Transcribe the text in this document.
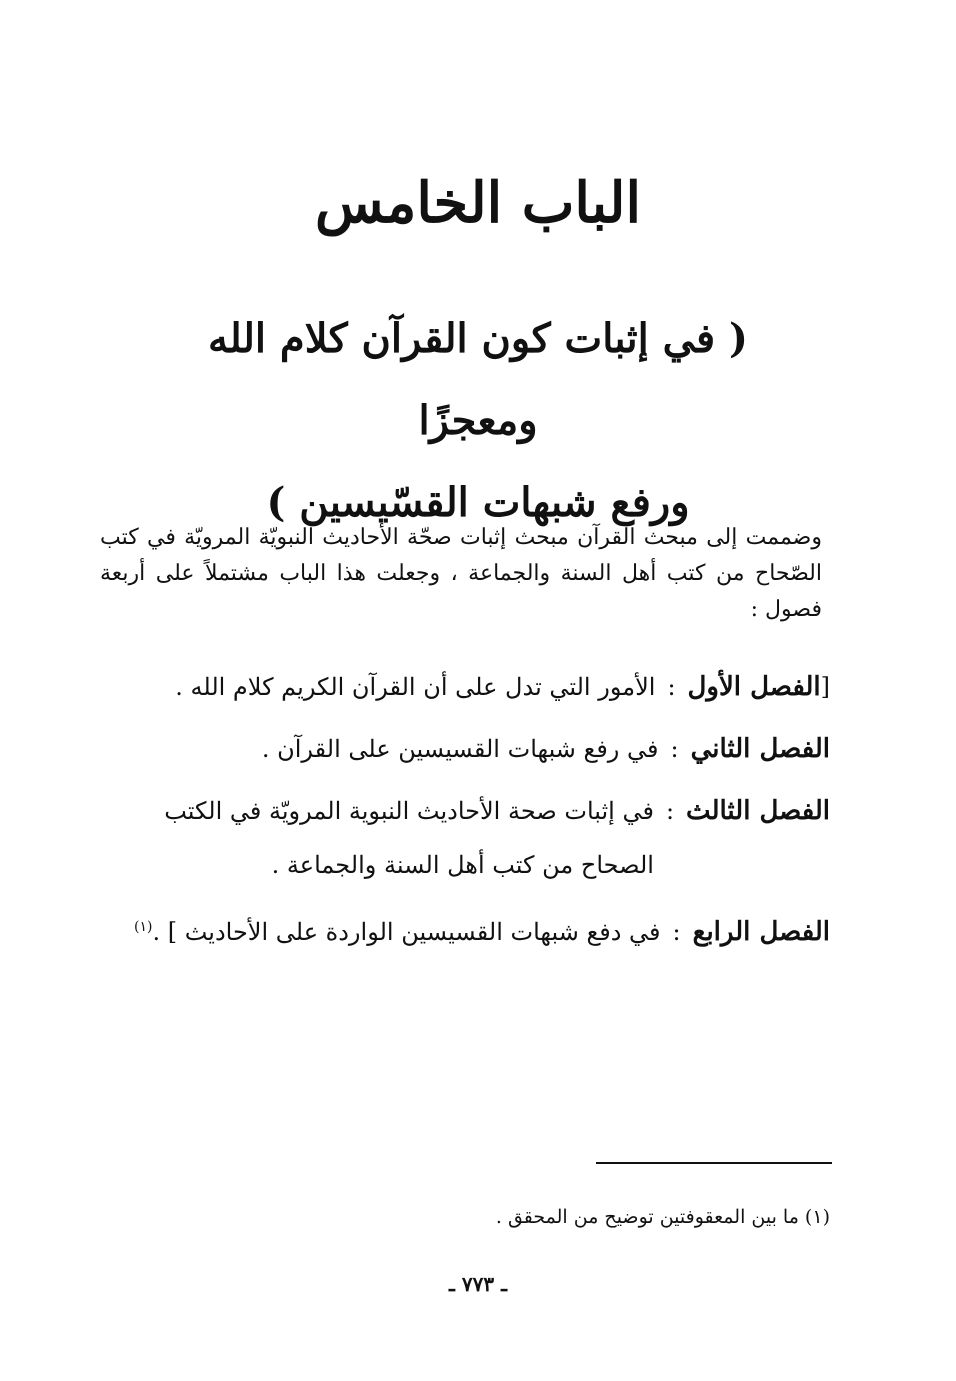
الباب الخامس
( في إثبات كون القرآن كلام الله ومعجزًا
ورفع شبهات القسّيسين )
وضممت إلى مبحث القرآن مبحث إثبات صحّة الأحاديث النبويّة المرويّة في كتب الصّحاح من كتب أهل السنة والجماعة ، وجعلت هذا الباب مشتملاً على أربعة فصول :
[
الفصل الأول
:
الأمور التي تدل على أن القرآن الكريم كلام الله .
الفصل الثاني
:
في رفع شبهات القسيسين على القرآن .
الفصل الثالث
:
في إثبات صحة الأحاديث النبوية المرويّة في الكتب الصحاح من كتب أهل السنة والجماعة .
الفصل الرابع
:
في دفع شبهات القسيسين الواردة على الأحاديث ] .$^{(١)}$
(١) ما بين المعقوفتين توضيح من المحقق .
ـ ٧٧٣ ـ
